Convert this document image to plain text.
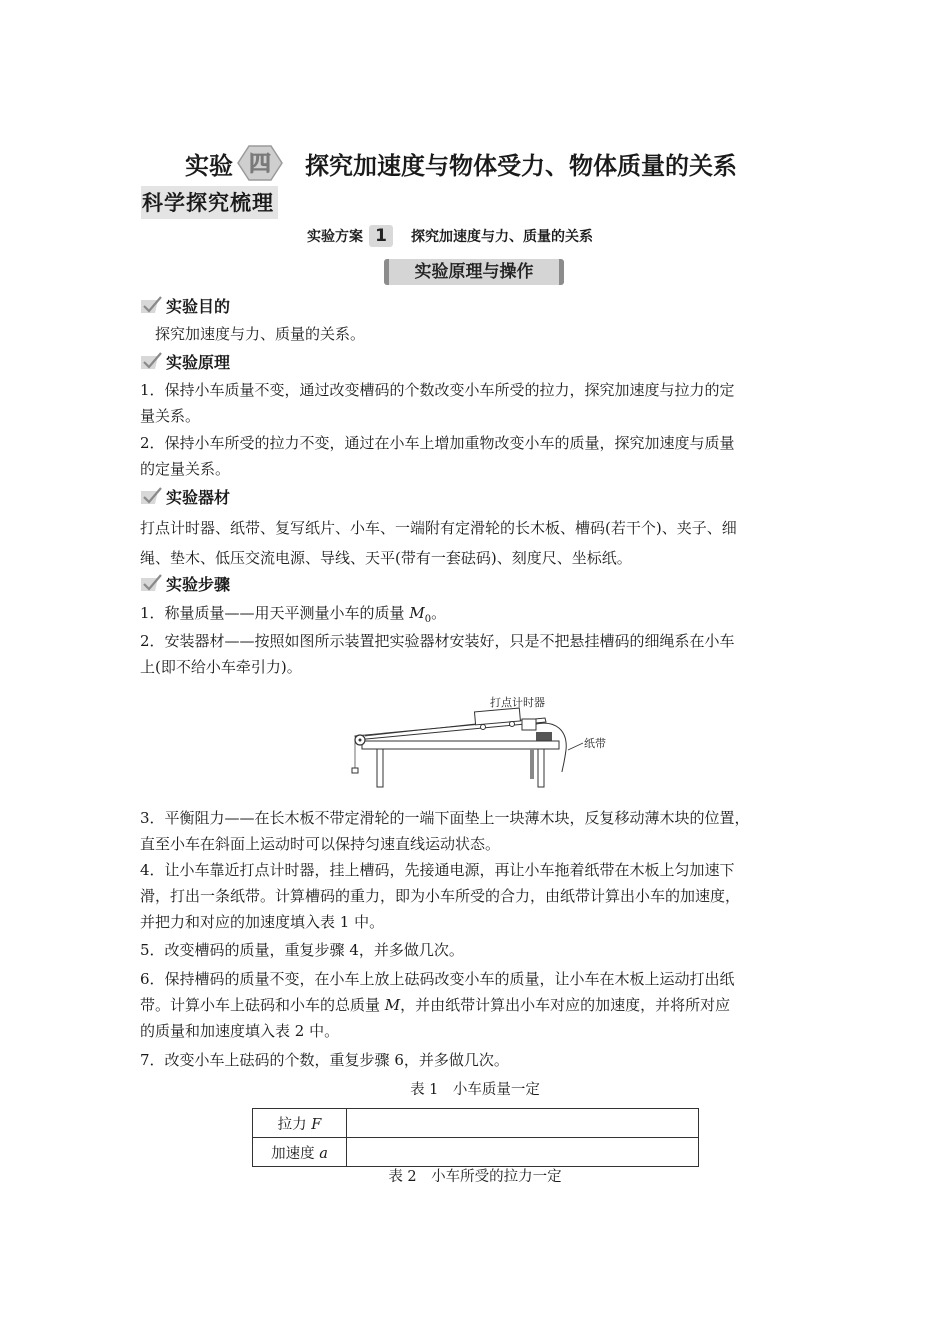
实验 四 探究加速度与物体受力、物体质量的关系
科学探究梳理
实验方案 1	探究加速度与力、质量的关系
实验原理与操作
实验目的
探究加速度与力、质量的关系。
实验原理
1．保持小车质量不变，通过改变槽码的个数改变小车所受的拉力，探究加速度与拉力的定
量关系。
2．保持小车所受的拉力不变，通过在小车上增加重物改变小车的质量，探究加速度与质量
的定量关系。
实验器材
打点计时器、纸带、复写纸片、小车、一端附有定滑轮的长木板、槽码(若干个)、夹子、细
绳、垫木、低压交流电源、导线、天平(带有一套砝码)、刻度尺、坐标纸。
实验步骤
1．称量质量——用天平测量小车的质量 $M_0$。
2．安装器材——按照如图所示装置把实验器材安装好，只是不把悬挂槽码的细绳系在小车
上(即不给小车牵引力)。
打点计时器
纸带
3．平衡阻力——在长木板不带定滑轮的一端下面垫上一块薄木块，反复移动薄木块的位置，
直至小车在斜面上运动时可以保持匀速直线运动状态。
4．让小车靠近打点计时器，挂上槽码，先接通电源，再让小车拖着纸带在木板上匀加速下
滑，打出一条纸带。计算槽码的重力，即为小车所受的合力，由纸带计算出小车的加速度，
并把力和对应的加速度填入表 1 中。
5．改变槽码的质量，重复步骤 4，并多做几次。
6．保持槽码的质量不变，在小车上放上砝码改变小车的质量，让小车在木板上运动打出纸
带。计算小车上砝码和小车的总质量 M，并由纸带计算出小车对应的加速度，并将所对应
的质量和加速度填入表 2 中。
7．改变小车上砝码的个数，重复步骤 6，并多做几次。
表 1　小车质量一定
拉力 F	
加速度 a	
表 2　小车所受的拉力一定
